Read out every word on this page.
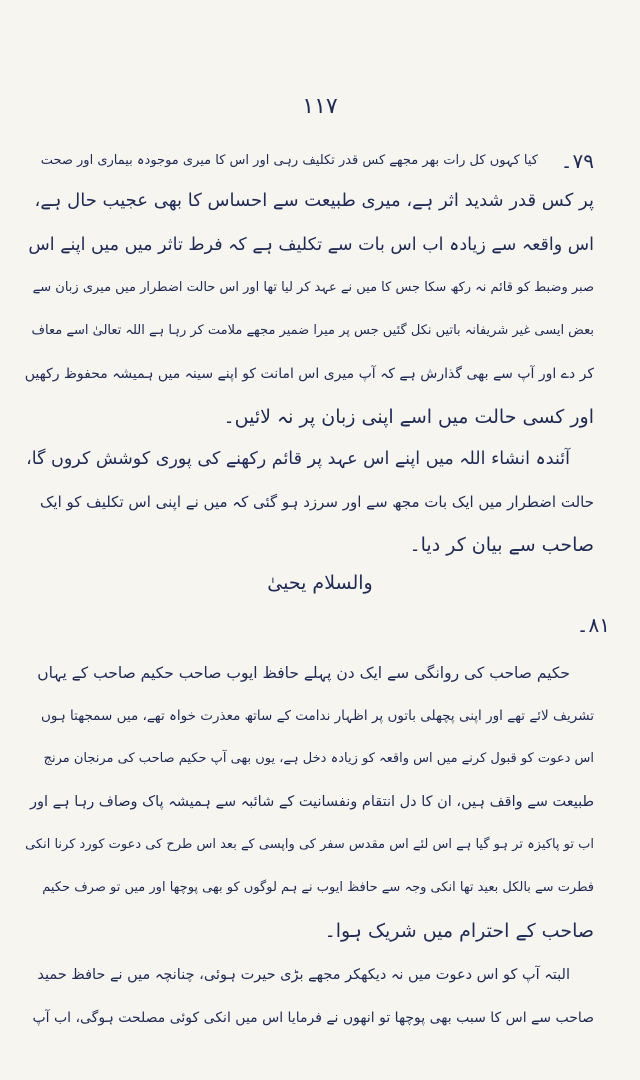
۱۱۷
۷۹۔
کیا کہوں کل رات بھر مجھے کس قدر تکلیف رہی اور اس کا میری موجودہ بیماری اور صحت
پر کس قدر شدید اثر ہے، میری طبیعت سے احساس کا بھی عجیب حال ہے،
اس واقعہ سے زیادہ اب اس بات سے تکلیف ہے کہ فرط تاثر میں میں اپنے اس
صبر وضبط کو قائم نہ رکھ سکا جس کا میں نے عہد کر لیا تھا اور اس حالت اضطرار میں میری زبان سے
بعض ایسی غیر شریفانہ باتیں نکل گئیں جس پر میرا ضمیر مجھے ملامت کر رہا ہے اللہ تعالیٰ اسے معاف
کر دے اور آپ سے بھی گذارش ہے کہ آپ میری اس امانت کو اپنے سینہ میں ہمیشہ محفوظ رکھیں
اور کسی حالت میں اسے اپنی زبان پر نہ لائیں۔
آئندہ انشاء اللہ میں اپنے اس عہد پر قائم رکھنے کی پوری کوشش کروں گا،
حالت اضطرار میں ایک بات مجھ سے اور سرزد ہو گئی کہ میں نے اپنی اس تکلیف کو ایک
صاحب سے بیان کر دیا۔
والسلام یحییٰ
۸۱۔
حکیم صاحب کی روانگی سے ایک دن پہلے حافظ ایوب صاحب حکیم صاحب کے یہاں
تشریف لائے تھے اور اپنی پچھلی باتوں پر اظہار ندامت کے ساتھ معذرت خواہ تھے، میں سمجھتا ہوں
اس دعوت کو قبول کرنے میں اس واقعہ کو زیادہ دخل ہے، یوں بھی آپ حکیم صاحب کی مرنجان مرنج
طبیعت سے واقف ہیں، ان کا دل انتقام ونفسانیت کے شائبہ سے ہمیشہ پاک وصاف رہا ہے اور
اب تو پاکیزہ تر ہو گیا ہے اس لئے اس مقدس سفر کی واپسی کے بعد اس طرح کی دعوت کورد کرنا انکی
فطرت سے بالکل بعید تھا انکی وجہ سے حافظ ایوب نے ہم لوگوں کو بھی پوچھا اور میں تو صرف حکیم
صاحب کے احترام میں شریک ہوا۔
البتہ آپ کو اس دعوت میں نہ دیکھکر مجھے بڑی حیرت ہوئی، چنانچہ میں نے حافظ حمید
صاحب سے اس کا سبب بھی پوچھا تو انھوں نے فرمایا اس میں انکی کوئی مصلحت ہوگی، اب آپ
